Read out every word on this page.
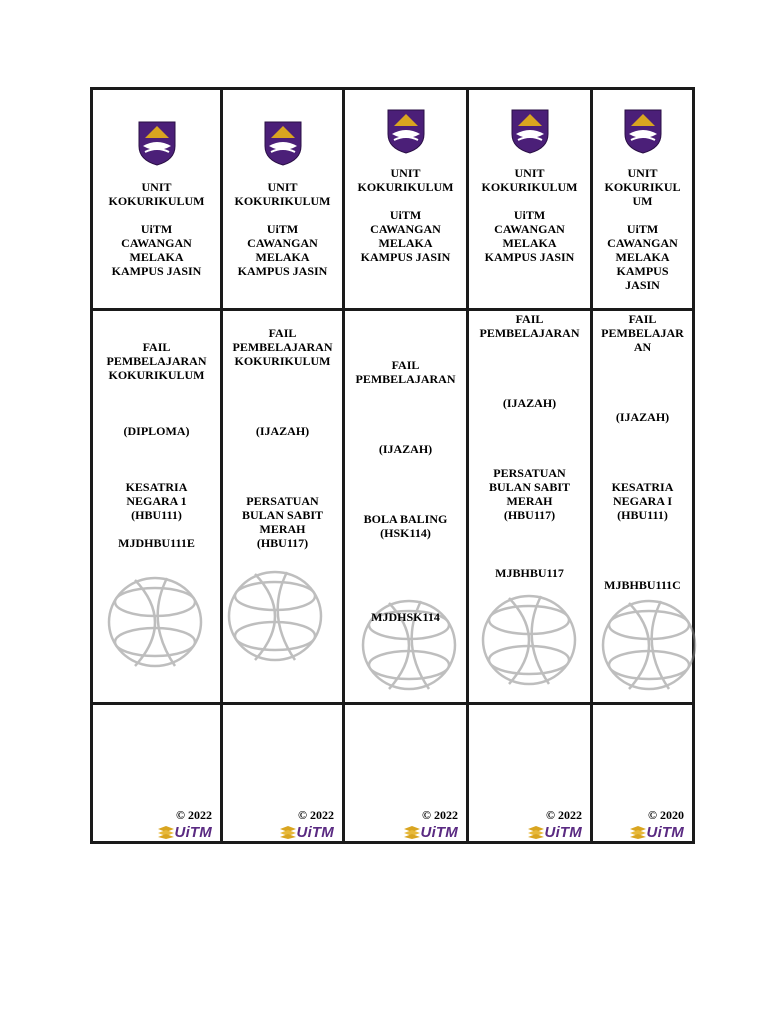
UNIT
KOKURIKULUM
UiTM
CAWANGAN
MELAKA
KAMPUS JASIN
FAIL
PEMBELAJARAN
KOKURIKULUM
(DIPLOMA)
KESATRIA
NEGARA 1
(HBU111)
MJDHBU111E
© 2022
UiTM
UNIT
KOKURIKULUM
UiTM
CAWANGAN
MELAKA
KAMPUS JASIN
FAIL
PEMBELAJARAN
KOKURIKULUM
(IJAZAH)
PERSATUAN
BULAN SABIT
MERAH
(HBU117)
© 2022
UiTM
UNIT
KOKURIKULUM
UiTM
CAWANGAN
MELAKA
KAMPUS JASIN
FAIL
PEMBELAJARAN
(IJAZAH)
BOLA BALING
(HSK114)
MJDHSK114
© 2022
UiTM
UNIT
KOKURIKULUM
UiTM
CAWANGAN
MELAKA
KAMPUS JASIN
FAIL
PEMBELAJARAN
(IJAZAH)
PERSATUAN
BULAN SABIT
MERAH
(HBU117)
MJBHBU117
© 2022
UiTM
UNIT
KOKURIKUL
UM
UiTM
CAWANGAN
MELAKA
KAMPUS
JASIN
FAIL
PEMBELAJAR
AN
(IJAZAH)
KESATRIA
NEGARA I
(HBU111)
MJBHBU111C
© 2020
UiTM
